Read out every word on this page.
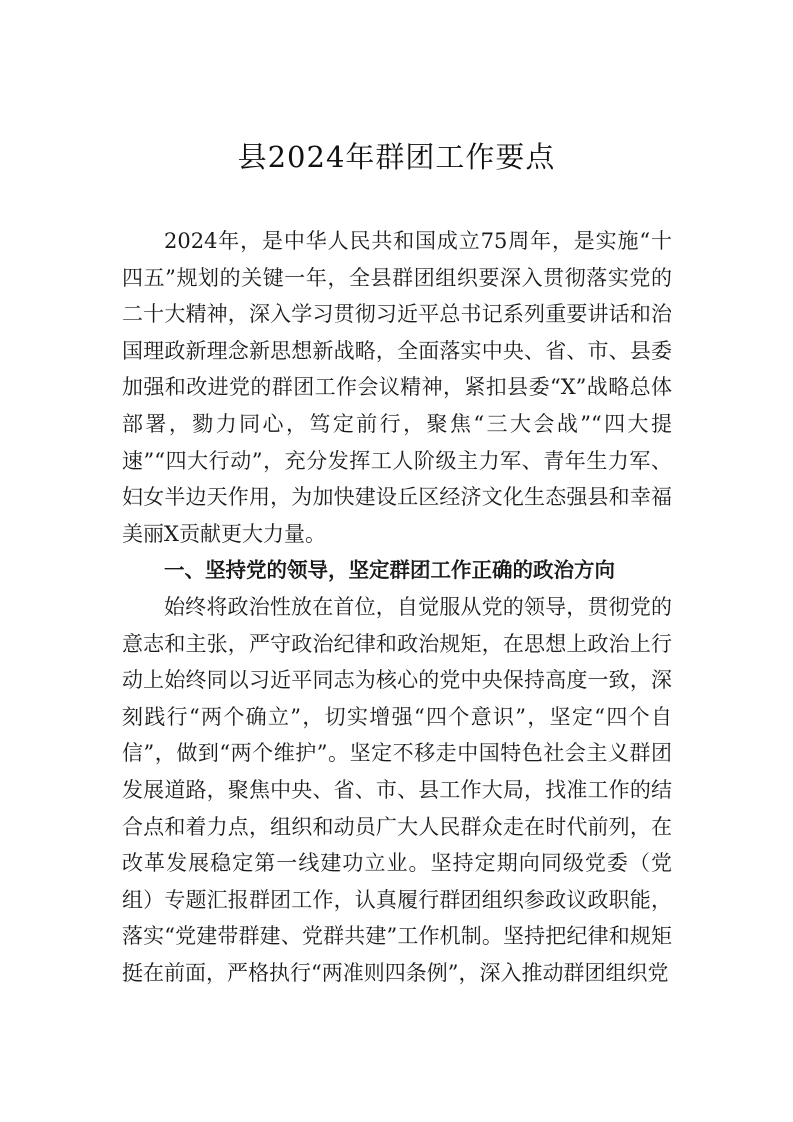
县2024年群团工作要点

2024年，是中华人民共和国成立75周年，是实施“十四五”规划的关键一年，全县群团组织要深入贯彻落实党的二十大精神，深入学习贯彻习近平总书记系列重要讲话和治国理政新理念新思想新战略，全面落实中央、省、市、县委加强和改进党的群团工作会议精神，紧扣县委“X”战略总体部署，勠力同心，笃定前行，聚焦“三大会战”“四大提速”“四大行动”，充分发挥工人阶级主力军、青年生力军、妇女半边天作用，为加快建设丘区经济文化生态强县和幸福美丽X贡献更大力量。

一、坚持党的领导，坚定群团工作正确的政治方向

始终将政治性放在首位，自觉服从党的领导，贯彻党的意志和主张，严守政治纪律和政治规矩，在思想上政治上行动上始终同以习近平同志为核心的党中央保持高度一致，深刻践行“两个确立”，切实增强“四个意识”，坚定“四个自信”，做到“两个维护”。坚定不移走中国特色社会主义群团发展道路，聚焦中央、省、市、县工作大局，找准工作的结合点和着力点，组织和动员广大人民群众走在时代前列，在改革发展稳定第一线建功立业。坚持定期向同级党委（党组）专题汇报群团工作，认真履行群团组织参政议政职能，落实“党建带群建、党群共建”工作机制。坚持把纪律和规矩挺在前面，严格执行“两准则四条例”，深入推动群团组织党
